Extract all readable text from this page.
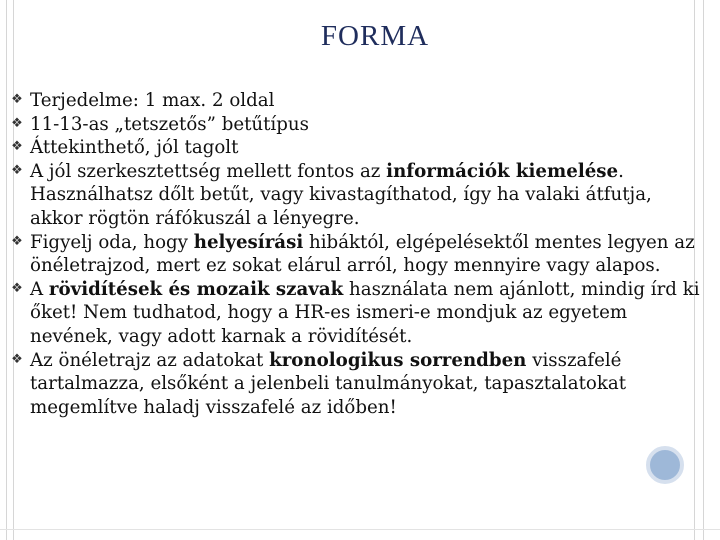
FORMA
❖
Terjedelme: 1 max. 2 oldal
❖
11-13-as „tetszetős” betűtípus
❖
Áttekinthető, jól tagolt
❖
A jól szerkesztettség mellett fontos az információk kiemelése. Használhatsz dőlt betűt, vagy kivastagíthatod, így ha valaki átfutja, akkor rögtön ráfókuszál a lényegre.
❖
Figyelj oda, hogy helyesírási hibáktól, elgépelésektől mentes legyen az önéletrajzod, mert ez sokat elárul arról, hogy mennyire vagy alapos.
❖
A rövidítések és mozaik szavak használata nem ajánlott, mindig írd ki őket! Nem tudhatod, hogy a HR-es ismeri-e mondjuk az egyetem nevének, vagy adott karnak a rövidítését.
❖
Az önéletrajz az adatokat kronologikus sorrendben visszafelé tartalmazza, elsőként a jelenbeli tanulmányokat, tapasztalatokat megemlítve haladj visszafelé az időben!
